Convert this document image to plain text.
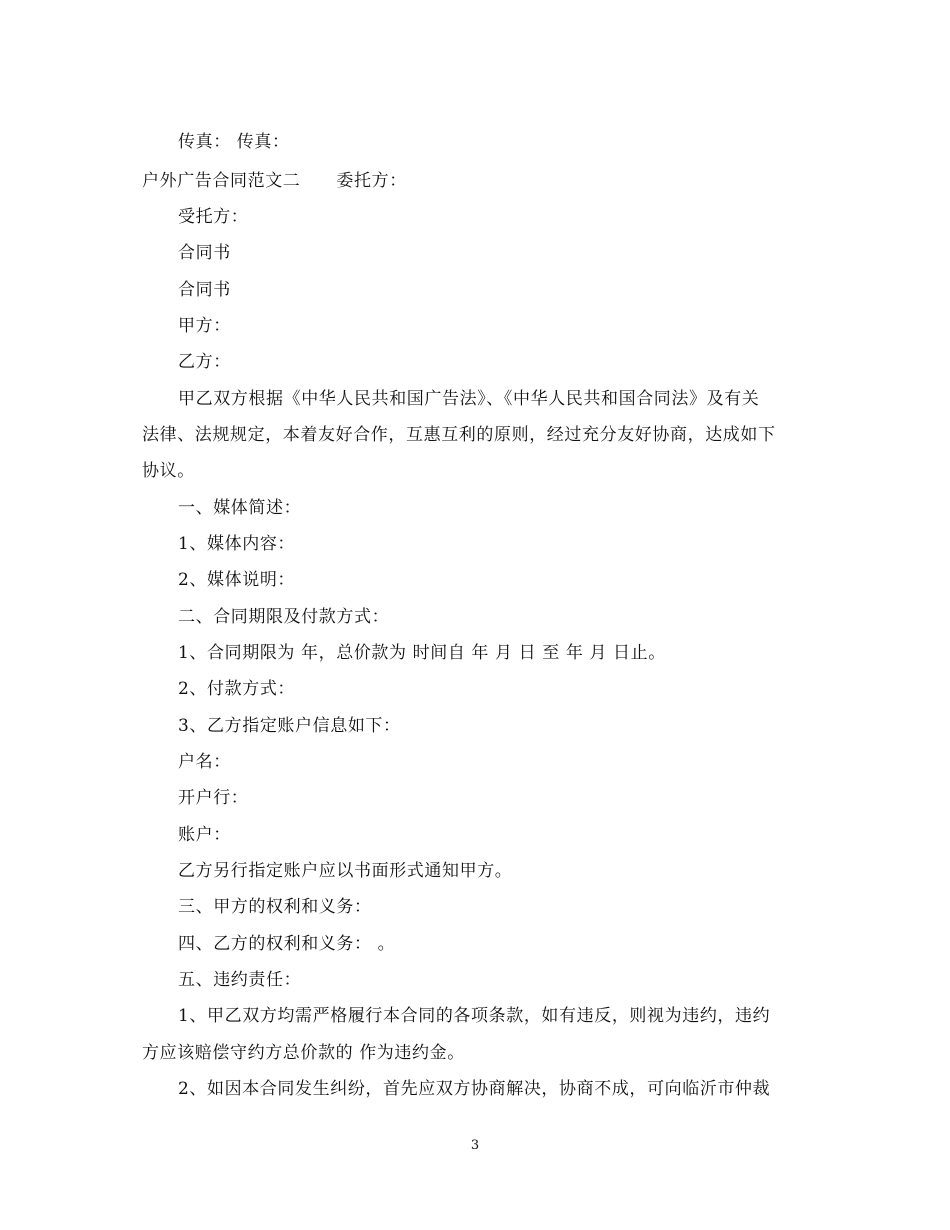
传真： 传真：
户外广告合同范文二 委托方：
受托方：
合同书
合同书
甲方：
乙方：
甲乙双方根据《中华人民共和国广告法》、《中华人民共和国合同法》及有关
法律、法规规定，本着友好合作，互惠互利的原则，经过充分友好协商，达成如下
协议。
一、媒体简述：
1、媒体内容：
2、媒体说明：
二、合同期限及付款方式：
1、合同期限为 年，总价款为 时间自 年 月 日 至 年 月 日止。
2、付款方式：
3、乙方指定账户信息如下：
户名：
开户行：
账户：
乙方另行指定账户应以书面形式通知甲方。
三、甲方的权利和义务：
四、乙方的权利和义务： 。
五、违约责任：
1、甲乙双方均需严格履行本合同的各项条款，如有违反，则视为违约，违约
方应该赔偿守约方总价款的 作为违约金。
2、如因本合同发生纠纷，首先应双方协商解决，协商不成，可向临沂市仲裁
3
